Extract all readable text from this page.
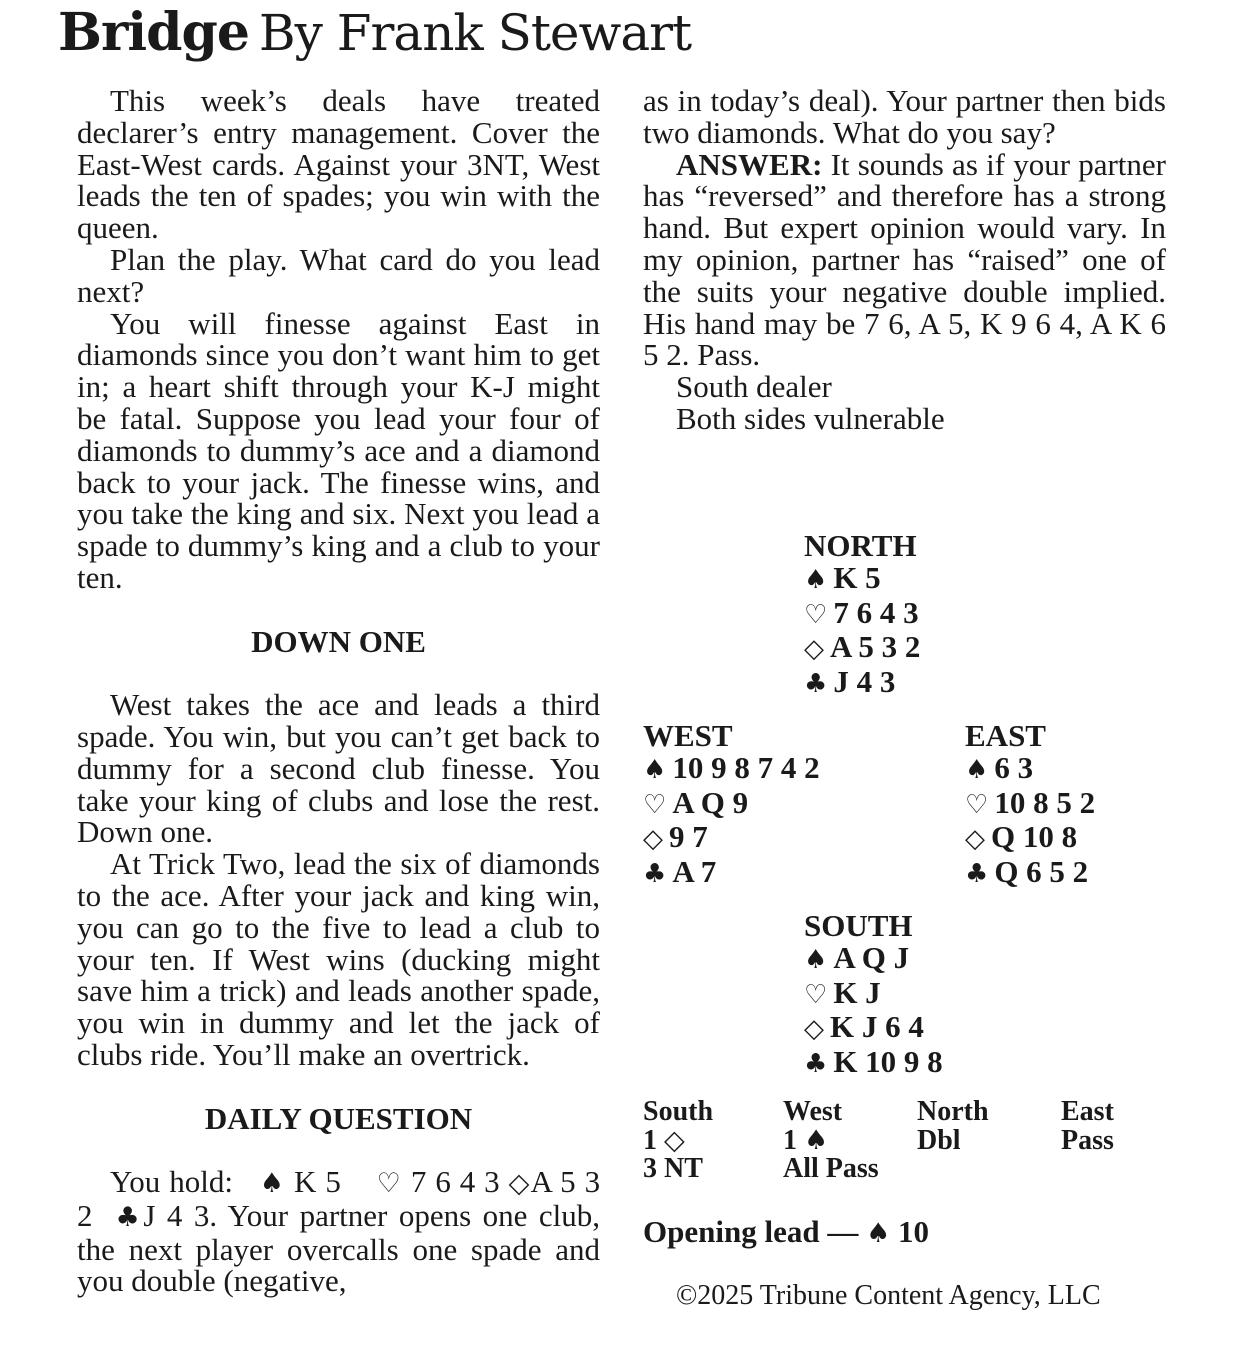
Bridge By Frank Stewart

This week’s deals have treated declarer’s entry management. Cover the East-West cards. Against your 3NT, West leads the ten of spades; you win with the queen.

Plan the play. What card do you lead next?

You will finesse against East in diamonds since you don’t want him to get in; a heart shift through your K-J might be fatal. Suppose you lead your four of diamonds to dummy’s ace and a diamond back to your jack. The finesse wins, and you take the king and six. Next you lead a spade to dummy’s king and a club to your ten.

DOWN ONE

West takes the ace and leads a third spade. You win, but you can’t get back to dummy for a second club finesse. You take your king of clubs and lose the rest. Down one.

At Trick Two, lead the six of diamonds to the ace. After your jack and king win, you can go to the five to lead a club to your ten. If West wins (ducking might save him a trick) and leads another spade, you win in dummy and let the jack of clubs ride. You’ll make an overtrick.

DAILY QUESTION

You hold: ♠ K 5 ♡ 7 6 4 3 ◇A 5 3 2 ♣J 4 3. Your partner opens one club, the next player overcalls one spade and you double (negative,

as in today’s deal). Your partner then bids two diamonds. What do you say?

ANSWER: It sounds as if your partner has “reversed” and therefore has a strong hand. But expert opinion would vary. In my opinion, partner has “raised” one of the suits your negative double implied. His hand may be 7 6, A 5, K 9 6 4, A K 6 5 2. Pass.

South dealer

Both sides vulnerable

NORTH
♠ K 5
♡ 7 6 4 3
◇ A 5 3 2
♣ J 4 3
WEST
♠ 10 9 8 7 4 2
♡ A Q 9
◇ 9 7
♣ A 7
EAST
♠ 6 3
♡ 10 8 5 2
◇ Q 10 8
♣ Q 6 5 2
SOUTH
♠ A Q J
♡ K J
◇ K J 6 4
♣ K 10 9 8
South West	North	East
1 ◇	1 ♠	Dbl	Pass
3 NT	All Pass
Opening lead — ♠ 10
©2025 Tribune Content Agency, LLC
